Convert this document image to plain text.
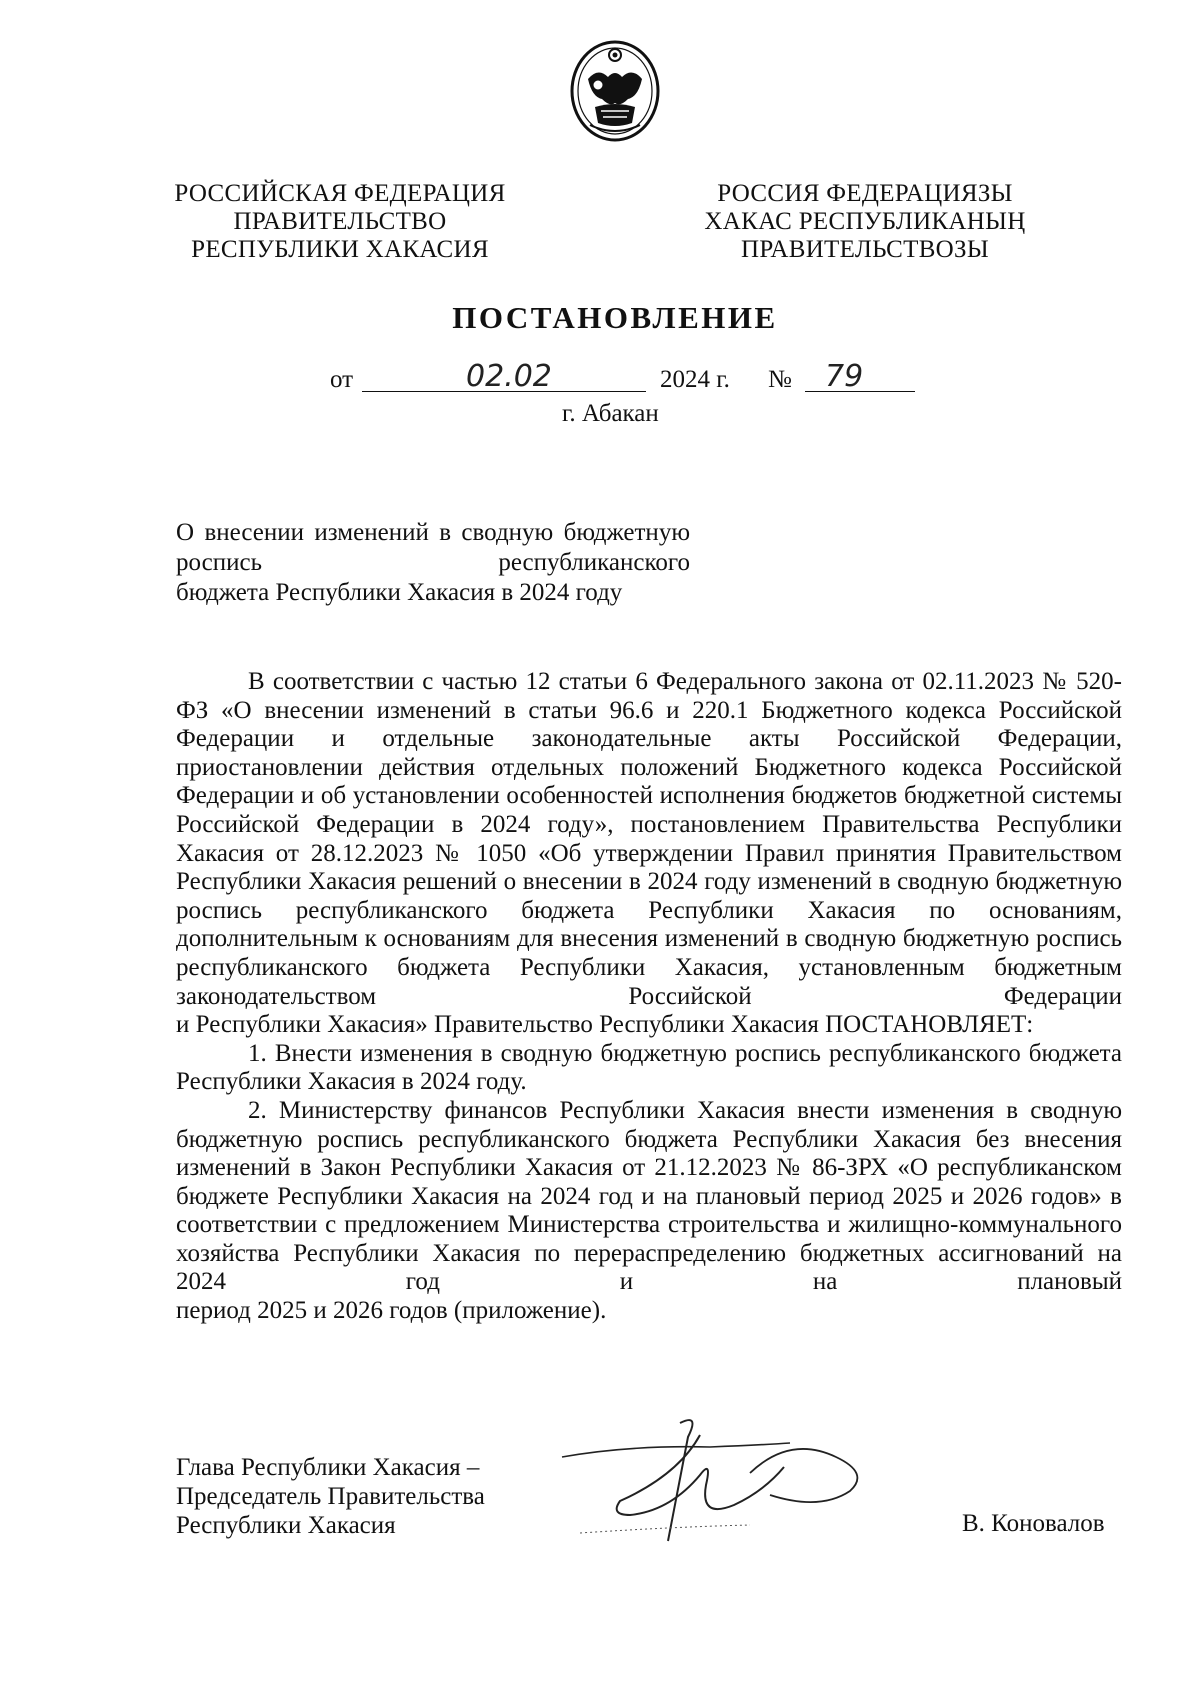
РОССИЙСКАЯ ФЕДЕРАЦИЯ
ПРАВИТЕЛЬСТВО
РЕСПУБЛИКИ ХАКАСИЯ
РОССИЯ ФЕДЕРАЦИЯЗЫ
ХАКАС РЕСПУБЛИКАНЫҢ
ПРАВИТЕЛЬСТВОЗЫ
ПОСТАНОВЛЕНИЕ
от	02.02	2024 г. № 79
г. Абакан
О внесении изменений в сводную бюджетную роспись республиканского
бюджета Республики Хакасия в 2024 году

В соответствии с частью 12 статьи 6 Федерального закона от 02.11.2023 № 520-ФЗ «О внесении изменений в статьи 96.6 и 220.1 Бюджетного кодекса Российской Федерации и отдельные законодательные акты Российской Федерации, приостановлении действия отдельных положений Бюджетного кодекса Российской Федерации и об установлении особенностей исполнения бюджетов бюджетной системы Российской Федерации в 2024 году», постановлением Правительства Республики Хакасия от 28.12.2023 № 1050 «Об утверждении Правил принятия Правительством Республики Хакасия решений о внесении в 2024 году изменений в сводную бюджетную роспись республиканского бюджета Республики Хакасия по основаниям, дополнительным к основаниям для внесения изменений в сводную бюджетную роспись республиканского бюджета Республики Хакасия, установленным бюджетным законодательством Российской Федерации

и Республики Хакасия» Правительство Республики Хакасия ПОСТАНОВЛЯЕТ:

1. Внести изменения в сводную бюджетную роспись республиканского бюджета Республики Хакасия в 2024 году.

2. Министерству финансов Республики Хакасия внести изменения в сводную бюджетную роспись республиканского бюджета Республики Хакасия без внесения изменений в Закон Республики Хакасия от 21.12.2023 № 86-ЗРХ «О республиканском бюджете Республики Хакасия на 2024 год и на плановый период 2025 и 2026 годов» в соответствии с предложением Министерства строительства и жилищно-коммунального хозяйства Республики Хакасия по перераспределению бюджетных ассигнований на 2024 год и на плановый

период 2025 и 2026 годов (приложение).

Глава Республики Хакасия –
Председатель Правительства
Республики Хакасия	В. Коновалов
